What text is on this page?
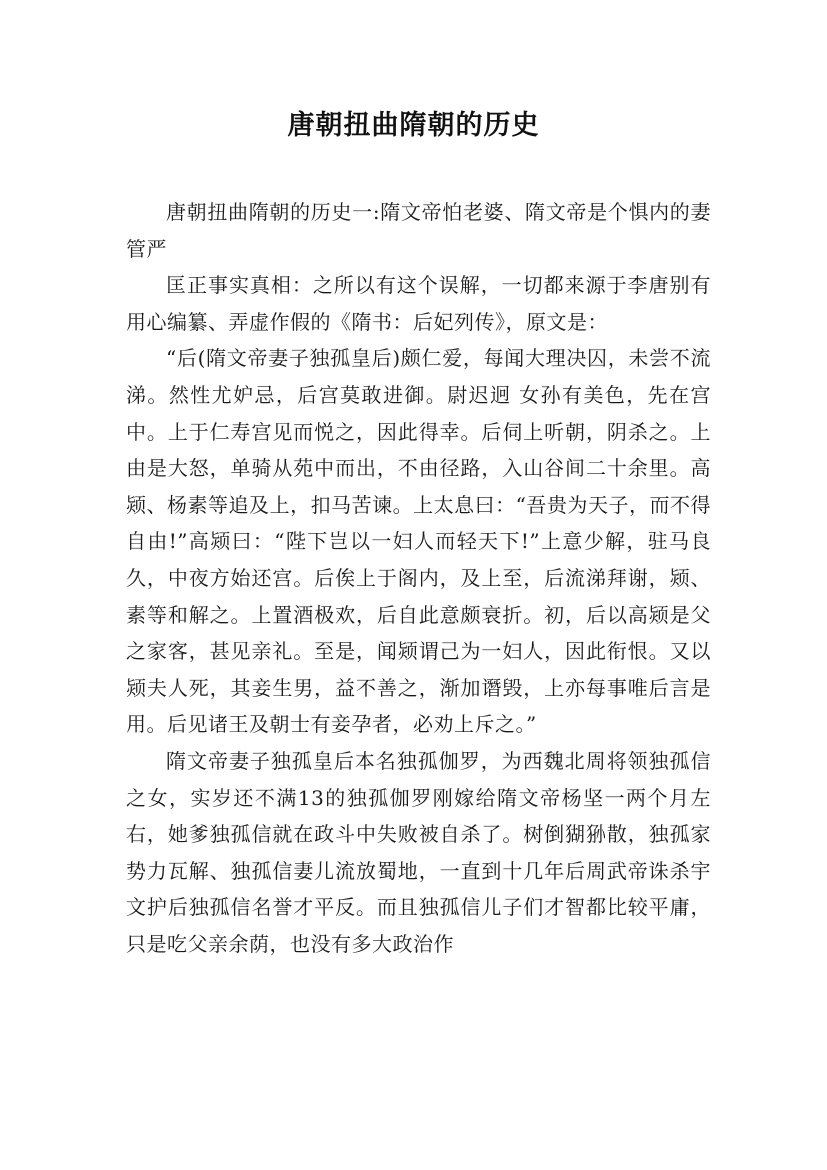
唐朝扭曲隋朝的历史

唐朝扭曲隋朝的历史一:隋文帝怕老婆、隋文帝是个惧内的妻管严

匡正事实真相：之所以有这个误解，一切都来源于李唐别有用心编纂、弄虚作假的《隋书：后妃列传》，原文是：

“后(隋文帝妻子独孤皇后)颇仁爱，每闻大理决囚，未尝不流涕。然性尤妒忌，后宫莫敢进御。尉迟迥 女孙有美色，先在宫中。上于仁寿宫见而悦之，因此得幸。后伺上听朝，阴杀之。上由是大怒，单骑从苑中而出，不由径路，入山谷间二十余里。高颎、杨素等追及上，扣马苦谏。上太息曰：“吾贵为天子，而不得自由!”高颎曰：“陛下岂以一妇人而轻天下!”上意少解，驻马良久，中夜方始还宫。后俟上于阁内，及上至，后流涕拜谢，颎、素等和解之。上置酒极欢，后自此意颇衰折。初，后以高颎是父之家客，甚见亲礼。至是，闻颎谓己为一妇人，因此衔恨。又以颎夫人死，其妾生男，益不善之，渐加谮毁，上亦每事唯后言是用。后见诸王及朝士有妾孕者，必劝上斥之。”

隋文帝妻子独孤皇后本名独孤伽罗，为西魏北周将领独孤信之女，实岁还不满13的独孤伽罗刚嫁给隋文帝杨坚一两个月左右，她爹独孤信就在政斗中失败被自杀了。树倒猢狲散，独孤家势力瓦解、独孤信妻儿流放蜀地，一直到十几年后周武帝诛杀宇文护后独孤信名誉才平反。而且独孤信儿子们才智都比较平庸，只是吃父亲余荫，也没有多大政治作
